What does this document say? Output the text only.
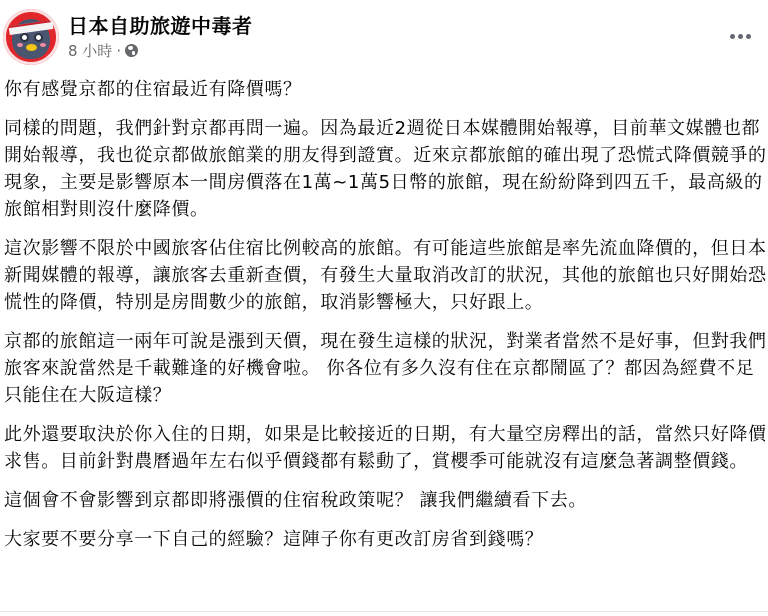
日本自助旅遊中毒者
8 小時 ·

你有感覺京都的住宿最近有降價嗎？

同樣的問題，我們針對京都再問一遍。因為最近2週從日本媒體開始報導，目前華文媒體也都開始報導，我也從京都做旅館業的朋友得到證實。近來京都旅館的確出現了恐慌式降價競爭的現象，主要是影響原本一間房價落在1萬~1萬5日幣的旅館，現在紛紛降到四五千，最高級的旅館相對則沒什麼降價。

這次影響不限於中國旅客佔住宿比例較高的旅館。有可能這些旅館是率先流血降價的，但日本新聞媒體的報導，讓旅客去重新查價，有發生大量取消改訂的狀況，其他的旅館也只好開始恐慌性的降價，特別是房間數少的旅館，取消影響極大，只好跟上。

京都的旅館這一兩年可說是漲到天價，現在發生這樣的狀況，對業者當然不是好事，但對我們旅客來說當然是千載難逢的好機會啦。 你各位有多久沒有住在京都鬧區了？都因為經費不足只能住在大阪這樣？

此外還要取決於你入住的日期，如果是比較接近的日期，有大量空房釋出的話，當然只好降價求售。目前針對農曆過年左右似乎價錢都有鬆動了，賞櫻季可能就沒有這麼急著調整價錢。

這個會不會影響到京都即將漲價的住宿稅政策呢？ 讓我們繼續看下去。

大家要不要分享一下自己的經驗？這陣子你有更改訂房省到錢嗎？
